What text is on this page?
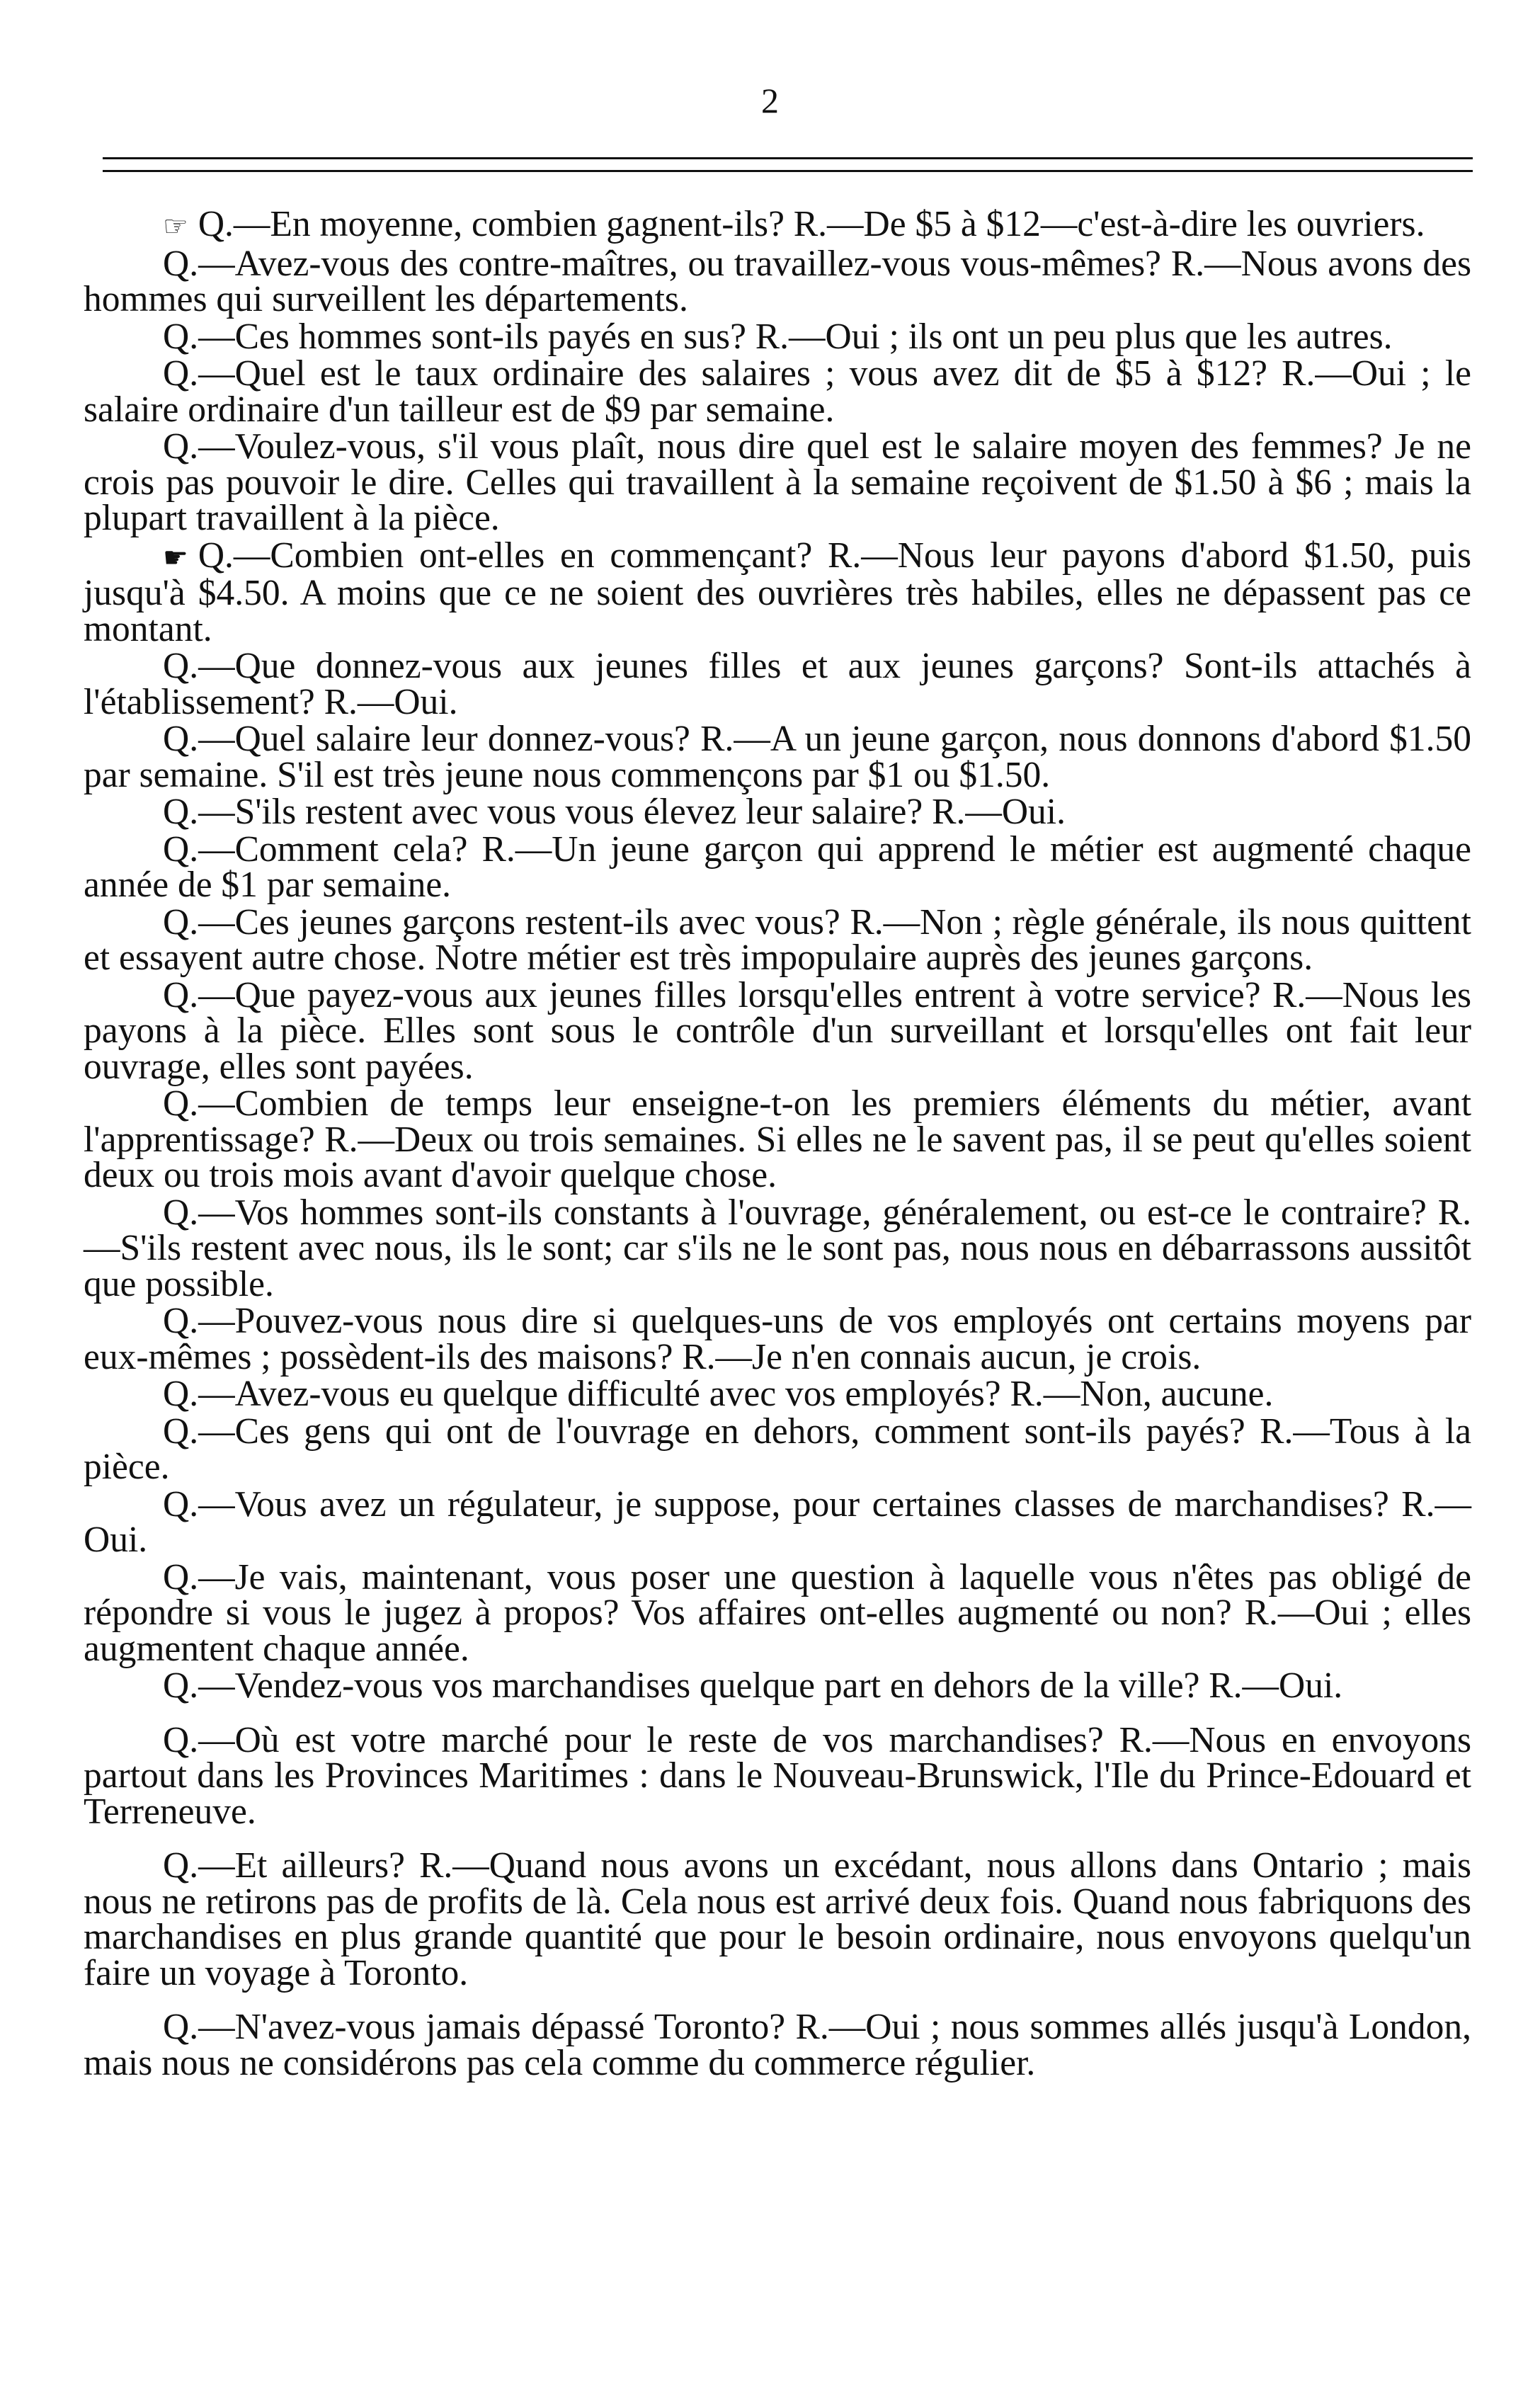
2

☞ Q.—En moyenne, combien gagnent-ils? R.—De $5 à $12—c'est-à-dire les ouvriers.

Q.—Avez-vous des contre-maîtres, ou travaillez-vous vous-mêmes? R.—Nous avons des hommes qui surveillent les départements.

Q.—Ces hommes sont-ils payés en sus? R.—Oui ; ils ont un peu plus que les autres.

Q.—Quel est le taux ordinaire des salaires ; vous avez dit de $5 à $12? R.—Oui ; le salaire ordinaire d'un tailleur est de $9 par semaine.

Q.—Voulez-vous, s'il vous plaît, nous dire quel est le salaire moyen des femmes? Je ne crois pas pouvoir le dire. Celles qui travaillent à la semaine reçoivent de $1.50 à $6 ; mais la plupart travaillent à la pièce.

☛ Q.—Combien ont-elles en commençant? R.—Nous leur payons d'abord $1.50, puis jusqu'à $4.50. A moins que ce ne soient des ouvrières très habiles, elles ne dépassent pas ce montant.

Q.—Que donnez-vous aux jeunes filles et aux jeunes garçons? Sont-ils attachés à l'établissement? R.—Oui.

Q.—Quel salaire leur donnez-vous? R.—A un jeune garçon, nous donnons d'abord $1.50 par semaine. S'il est très jeune nous commençons par $1 ou $1.50.

Q.—S'ils restent avec vous vous élevez leur salaire? R.—Oui.

Q.—Comment cela? R.—Un jeune garçon qui apprend le métier est augmenté chaque année de $1 par semaine.

Q.—Ces jeunes garçons restent-ils avec vous? R.—Non ; règle générale, ils nous quittent et essayent autre chose. Notre métier est très impopulaire auprès des jeunes garçons.

Q.—Que payez-vous aux jeunes filles lorsqu'elles entrent à votre service? R.—Nous les payons à la pièce. Elles sont sous le contrôle d'un surveillant et lorsqu'elles ont fait leur ouvrage, elles sont payées.

Q.—Combien de temps leur enseigne-t-on les premiers éléments du métier, avant l'apprentissage? R.—Deux ou trois semaines. Si elles ne le savent pas, il se peut qu'elles soient deux ou trois mois avant d'avoir quelque chose.

Q.—Vos hommes sont-ils constants à l'ouvrage, généralement, ou est-ce le contraire? R.—S'ils restent avec nous, ils le sont; car s'ils ne le sont pas, nous nous en débarrassons aussitôt que possible.

Q.—Pouvez-vous nous dire si quelques-uns de vos employés ont certains moyens par eux-mêmes ; possèdent-ils des maisons? R.—Je n'en connais aucun, je crois.

Q.—Avez-vous eu quelque difficulté avec vos employés? R.—Non, aucune.

Q.—Ces gens qui ont de l'ouvrage en dehors, comment sont-ils payés? R.—Tous à la pièce.

Q.—Vous avez un régulateur, je suppose, pour certaines classes de marchandises? R.—Oui.

Q.—Je vais, maintenant, vous poser une question à laquelle vous n'êtes pas obligé de répondre si vous le jugez à propos? Vos affaires ont-elles augmenté ou non? R.—Oui ; elles augmentent chaque année.

Q.—Vendez-vous vos marchandises quelque part en dehors de la ville? R.—Oui.

Q.—Où est votre marché pour le reste de vos marchandises? R.—Nous en envoyons partout dans les Provinces Maritimes : dans le Nouveau-Brunswick, l'Ile du Prince-Edouard et Terreneuve.

Q.—Et ailleurs? R.—Quand nous avons un excédant, nous allons dans Ontario ; mais nous ne retirons pas de profits de là. Cela nous est arrivé deux fois. Quand nous fabriquons des marchandises en plus grande quantité que pour le besoin ordinaire, nous envoyons quelqu'un faire un voyage à Toronto.

Q.—N'avez-vous jamais dépassé Toronto? R.—Oui ; nous sommes allés jusqu'à London, mais nous ne considérons pas cela comme du commerce régulier.
